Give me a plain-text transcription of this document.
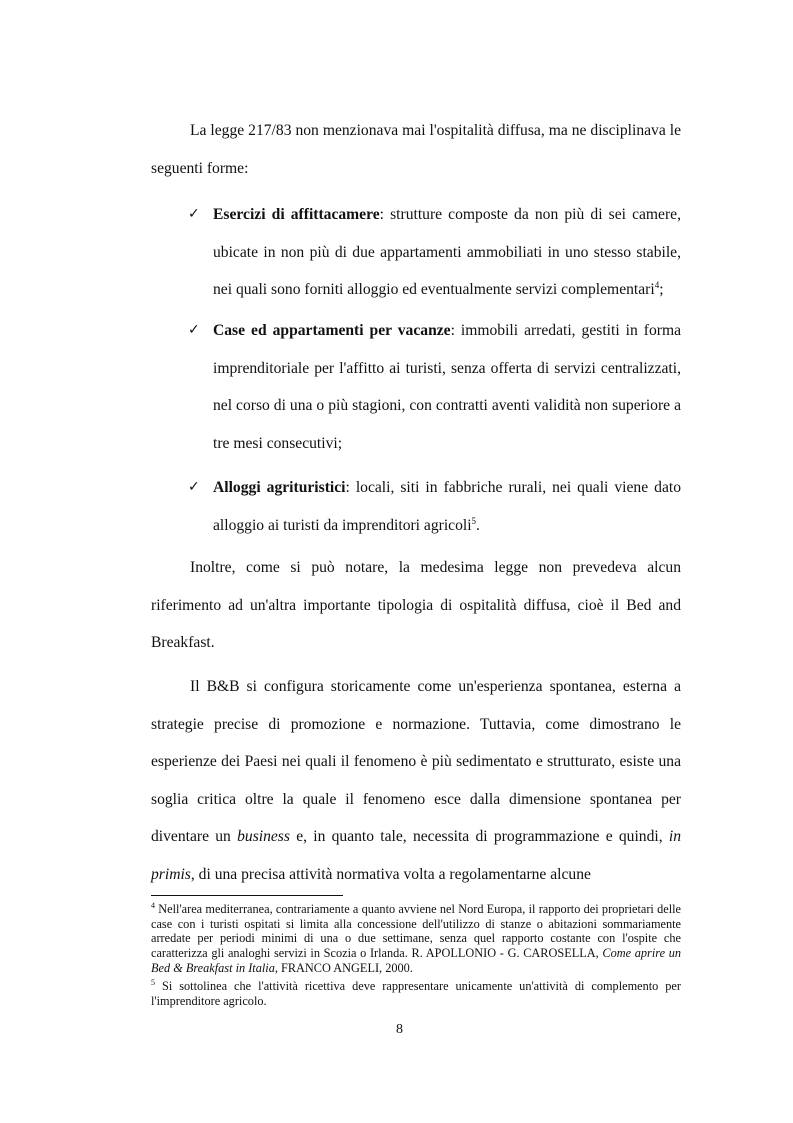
La legge 217/83 non menzionava mai l'ospitalità diffusa, ma ne disciplinava le seguenti forme:

✓ Esercizi di affittacamere: strutture composte da non più di sei camere, ubicate in non più di due appartamenti ammobiliati in uno stesso stabile, nei quali sono forniti alloggio ed eventualmente servizi complementari$^4$;
✓ Case ed appartamenti per vacanze: immobili arredati, gestiti in forma imprenditoriale per l'affitto ai turisti, senza offerta di servizi centralizzati, nel corso di una o più stagioni, con contratti aventi validità non superiore a tre mesi consecutivi;
✓ Alloggi agrituristici: locali, siti in fabbriche rurali, nei quali viene dato alloggio ai turisti da imprenditori agricoli$^5$.

Inoltre, come si può notare, la medesima legge non prevedeva alcun riferimento ad un'altra importante tipologia di ospitalità diffusa, cioè il Bed and Breakfast.

Il B&B si configura storicamente come un'esperienza spontanea, esterna a strategie precise di promozione e normazione. Tuttavia, come dimostrano le esperienze dei Paesi nei quali il fenomeno è più sedimentato e strutturato, esiste una soglia critica oltre la quale il fenomeno esce dalla dimensione spontanea per diventare un business e, in quanto tale, necessita di programmazione e quindi, in primis, di una precisa attività normativa volta a regolamentarne alcune

$^4$ Nell'area mediterranea, contrariamente a quanto avviene nel Nord Europa, il rapporto dei proprietari delle case con i turisti ospitati si limita alla concessione dell'utilizzo di stanze o abitazioni sommariamente arredate per periodi minimi di una o due settimane, senza quel rapporto costante con l'ospite che caratterizza gli analoghi servizi in Scozia o Irlanda. R. APOLLONIO - G. CAROSELLA, Come aprire un Bed & Breakfast in Italia, FRANCO ANGELI, 2000.

$^5$ Si sottolinea che l'attività ricettiva deve rappresentare unicamente un'attività di complemento per l'imprenditore agricolo.

8
